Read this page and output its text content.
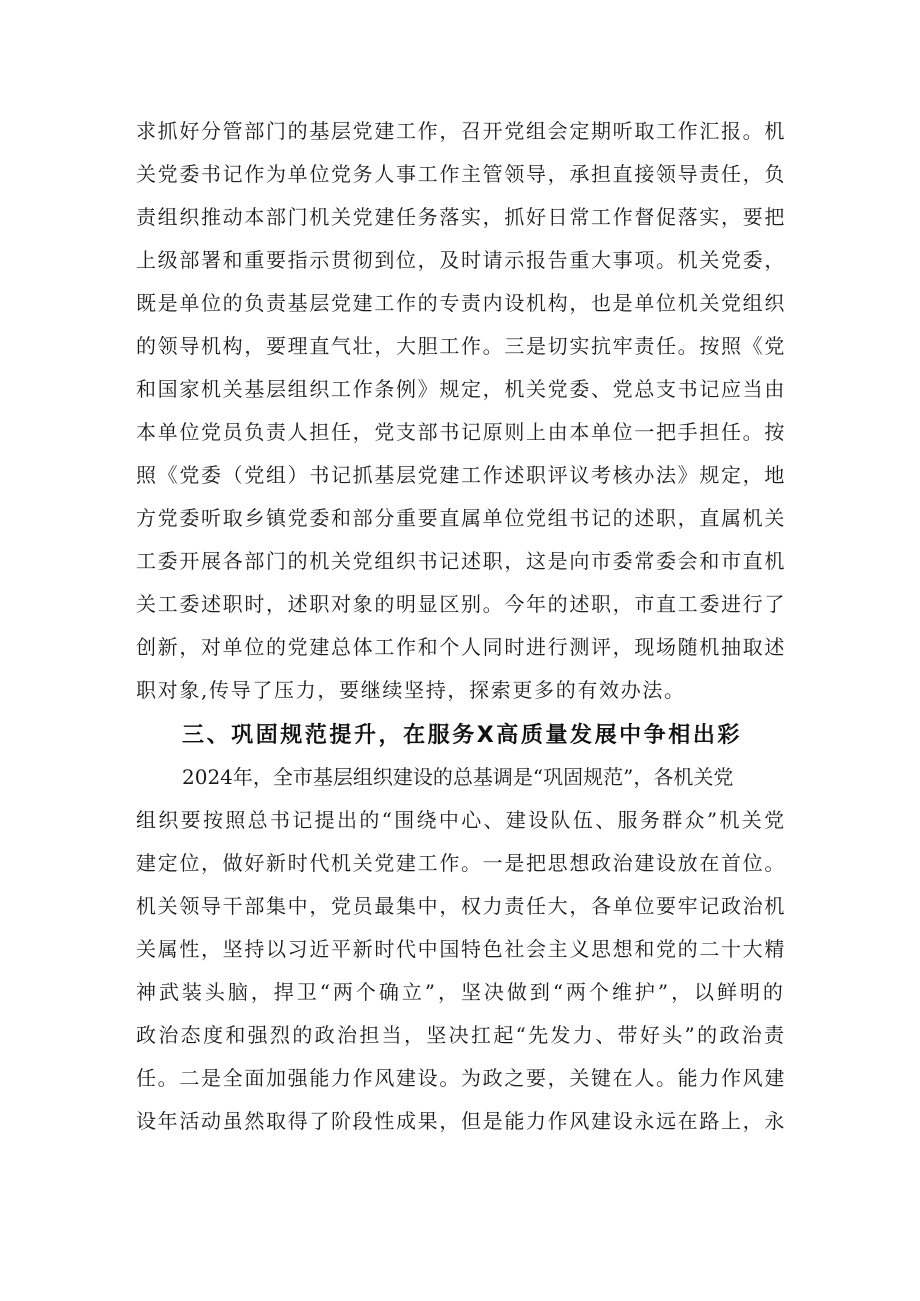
求抓好分管部门的基层党建工作，召开党组会定期听取工作汇报。机
关党委书记作为单位党务人事工作主管领导，承担直接领导责任，负
责组织推动本部门机关党建任务落实，抓好日常工作督促落实，要把
上级部署和重要指示贯彻到位，及时请示报告重大事项。机关党委，
既是单位的负责基层党建工作的专责内设机构，也是单位机关党组织
的领导机构，要理直气壮，大胆工作。三是切实抗牢责任。按照《党
和国家机关基层组织工作条例》规定，机关党委、党总支书记应当由
本单位党员负责人担任，党支部书记原则上由本单位一把手担任。按
照《党委（党组）书记抓基层党建工作述职评议考核办法》规定，地
方党委听取乡镇党委和部分重要直属单位党组书记的述职，直属机关
工委开展各部门的机关党组织书记述职，这是向市委常委会和市直机
关工委述职时，述职对象的明显区别。今年的述职，市直工委进行了
创新，对单位的党建总体工作和个人同时进行测评，现场随机抽取述
职对象,传导了压力，要继续坚持，探索更多的有效办法。
三、巩固规范提升，在服务X高质量发展中争相出彩
2024年，全市基层组织建设的总基调是“巩固规范”，各机关党
组织要按照总书记提出的“围绕中心、建设队伍、服务群众”机关党
建定位，做好新时代机关党建工作。一是把思想政治建设放在首位。
机关领导干部集中，党员最集中，权力责任大，各单位要牢记政治机
关属性，坚持以习近平新时代中国特色社会主义思想和党的二十大精
神武装头脑，捍卫“两个确立”，坚决做到“两个维护”，以鲜明的
政治态度和强烈的政治担当，坚决扛起“先发力、带好头”的政治责
任。二是全面加强能力作风建设。为政之要，关键在人。能力作风建
设年活动虽然取得了阶段性成果，但是能力作风建设永远在路上，永
